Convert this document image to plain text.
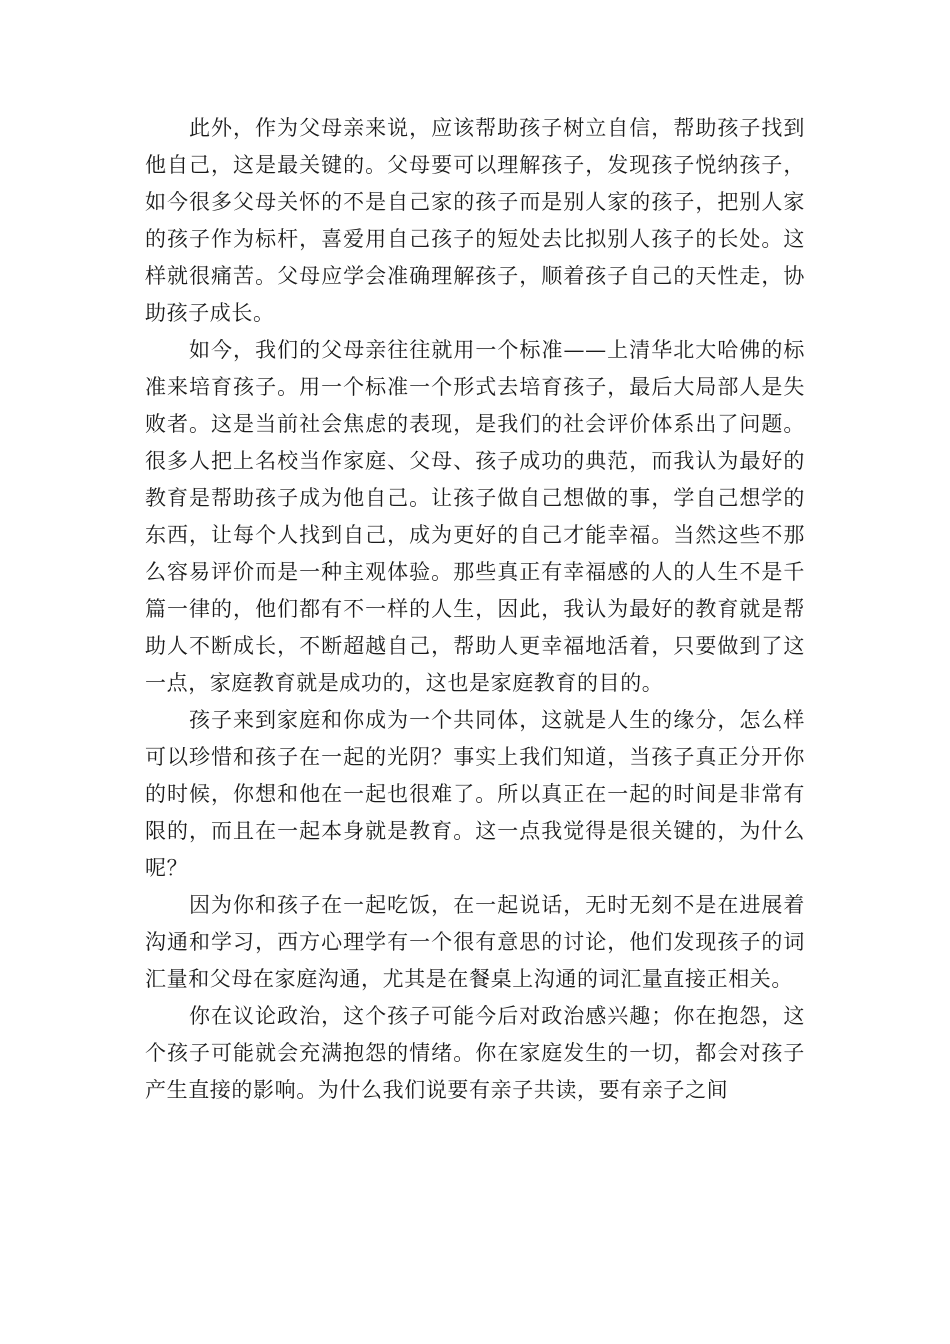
此外，作为父母亲来说，应该帮助孩子树立自信，帮助孩子找到他自己，这是最关键的。父母要可以理解孩子，发现孩子悦纳孩子，如今很多父母关怀的不是自己家的孩子而是别人家的孩子，把别人家的孩子作为标杆，喜爱用自己孩子的短处去比拟别人孩子的长处。这样就很痛苦。父母应学会准确理解孩子，顺着孩子自己的天性走，协助孩子成长。

如今，我们的父母亲往往就用一个标准——上清华北大哈佛的标准来培育孩子。用一个标准一个形式去培育孩子，最后大局部人是失败者。这是当前社会焦虑的表现，是我们的社会评价体系出了问题。很多人把上名校当作家庭、父母、孩子成功的典范，而我认为最好的教育是帮助孩子成为他自己。让孩子做自己想做的事，学自己想学的东西，让每个人找到自己，成为更好的自己才能幸福。当然这些不那么容易评价而是一种主观体验。那些真正有幸福感的人的人生不是千篇一律的，他们都有不一样的人生，因此，我认为最好的教育就是帮助人不断成长，不断超越自己，帮助人更幸福地活着，只要做到了这一点，家庭教育就是成功的，这也是家庭教育的目的。

孩子来到家庭和你成为一个共同体，这就是人生的缘分，怎么样可以珍惜和孩子在一起的光阴？事实上我们知道，当孩子真正分开你的时候，你想和他在一起也很难了。所以真正在一起的时间是非常有限的，而且在一起本身就是教育。这一点我觉得是很关键的，为什么呢？

因为你和孩子在一起吃饭，在一起说话，无时无刻不是在进展着沟通和学习，西方心理学有一个很有意思的讨论，他们发现孩子的词汇量和父母在家庭沟通，尤其是在餐桌上沟通的词汇量直接正相关。

你在议论政治，这个孩子可能今后对政治感兴趣；你在抱怨，这个孩子可能就会充满抱怨的情绪。你在家庭发生的一切，都会对孩子产生直接的影响。为什么我们说要有亲子共读，要有亲子之间
